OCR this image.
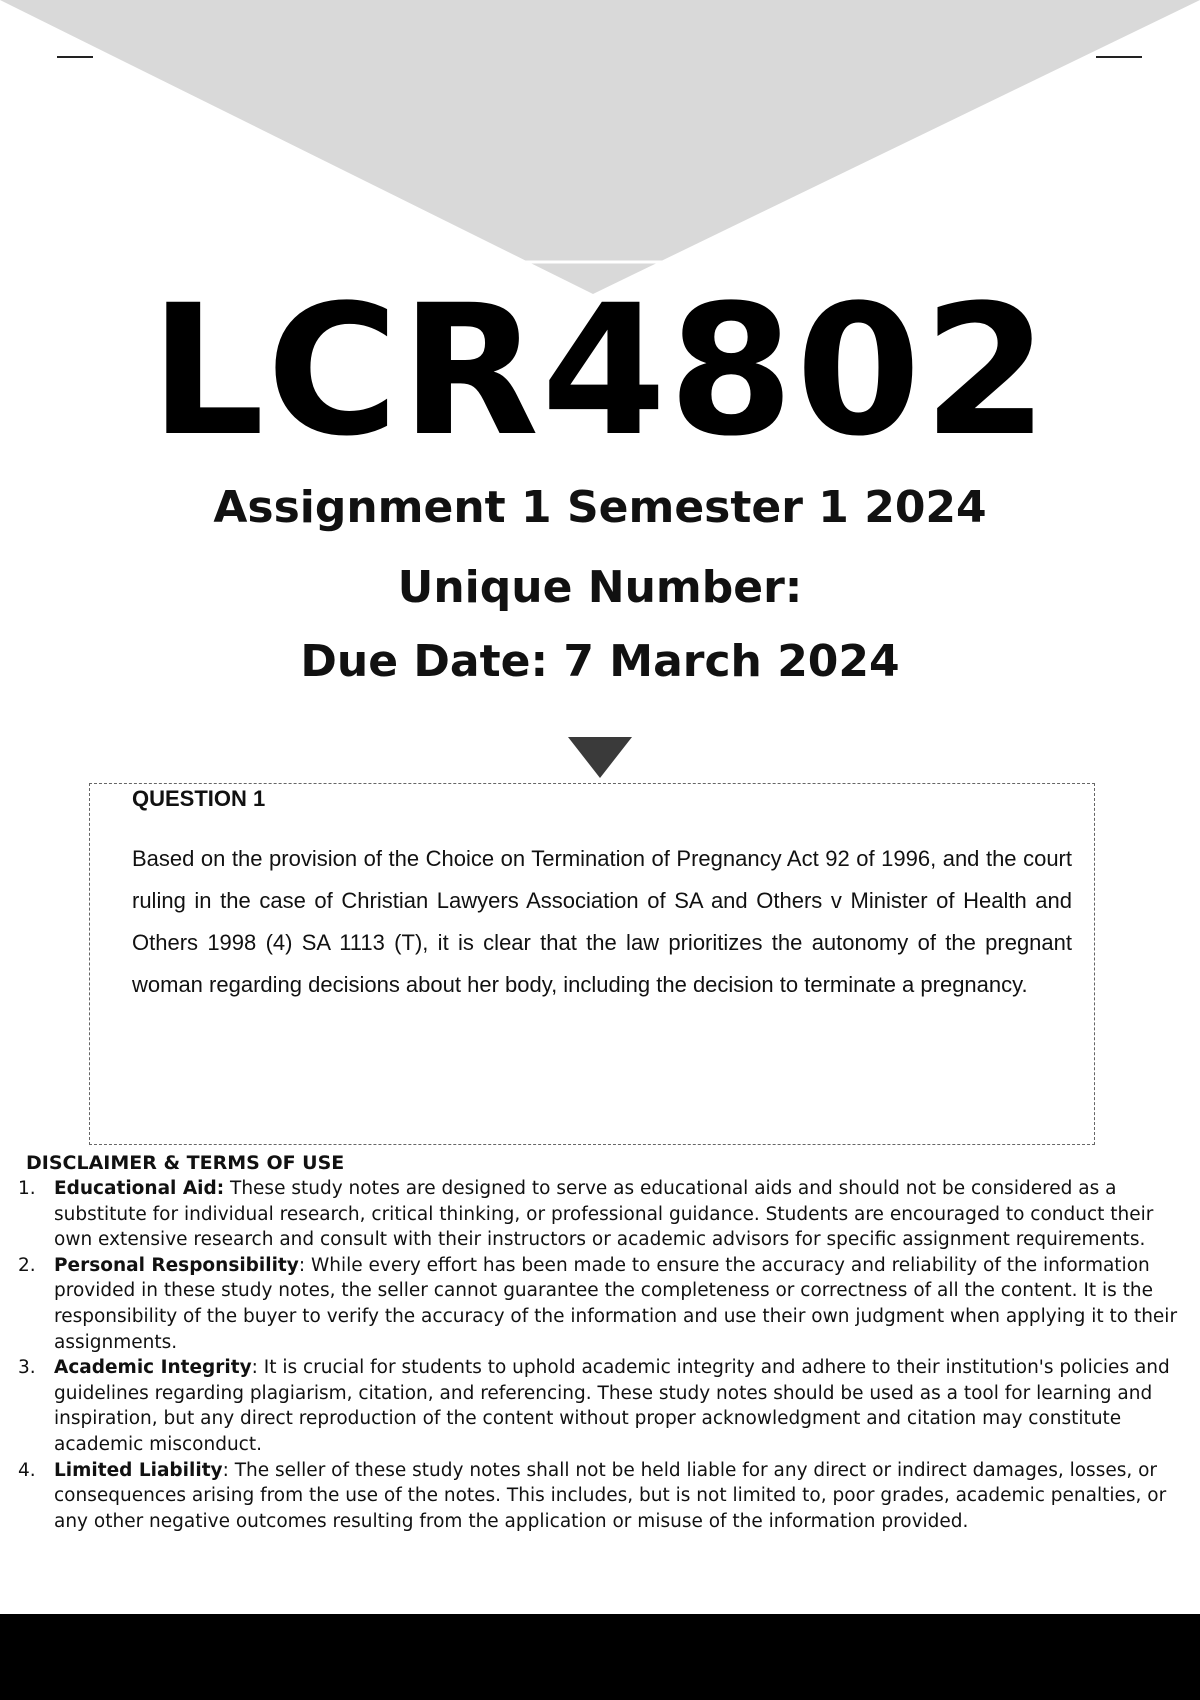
LCR4802
Assignment 1 Semester 1 2024
Unique Number:
Due Date: 7 March 2024
QUESTION 1
Based on the provision of the Choice on Termination of Pregnancy Act 92 of 1996, and the court ruling in the case of Christian Lawyers Association of SA and Others v Minister of Health and Others 1998 (4) SA 1113 (T), it is clear that the law prioritizes the autonomy of the pregnant woman regarding decisions about her body, including the decision to terminate a pregnancy.
DISCLAIMER & TERMS OF USE
1. Educational Aid: These study notes are designed to serve as educational aids and should not be considered as a substitute for individual research, critical thinking, or professional guidance. Students are encouraged to conduct their own extensive research and consult with their instructors or academic advisors for specific assignment requirements.
2. Personal Responsibility: While every effort has been made to ensure the accuracy and reliability of the information provided in these study notes, the seller cannot guarantee the completeness or correctness of all the content. It is the responsibility of the buyer to verify the accuracy of the information and use their own judgment when applying it to their assignments.
3. Academic Integrity: It is crucial for students to uphold academic integrity and adhere to their institution's policies and guidelines regarding plagiarism, citation, and referencing. These study notes should be used as a tool for learning and inspiration, but any direct reproduction of the content without proper acknowledgment and citation may constitute academic misconduct.
4. Limited Liability: The seller of these study notes shall not be held liable for any direct or indirect damages, losses, or consequences arising from the use of the notes. This includes, but is not limited to, poor grades, academic penalties, or any other negative outcomes resulting from the application or misuse of the information provided.
